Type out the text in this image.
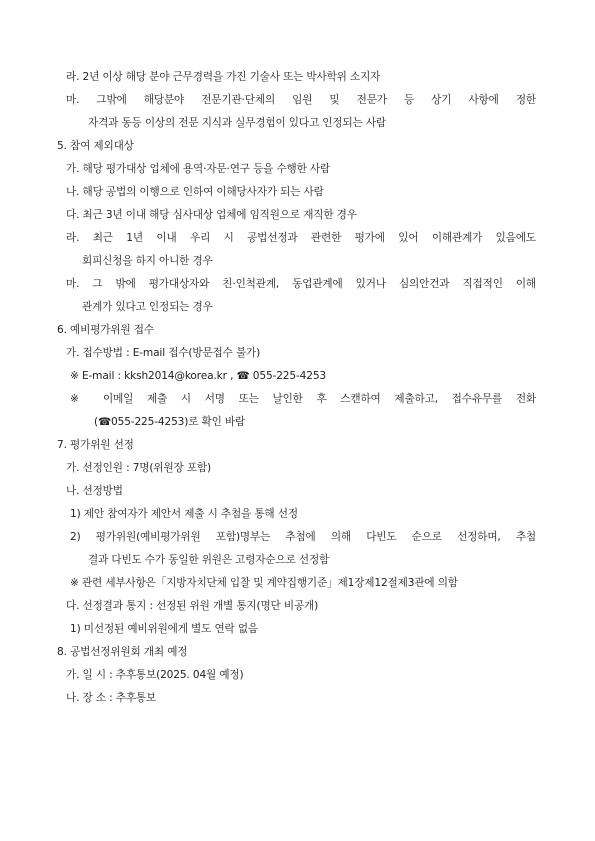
라. 2년 이상 해당 분야 근무경력을 가진 기술사 또는 박사학위 소지자
마. 그밖에 해당분야 전문기관·단체의 임원 및 전문가 등 상기 사항에 정한
자격과 동등 이상의 전문 지식과 실무경험이 있다고 인정되는 사람
5. 참여 제외대상
가. 해당 평가대상 업체에 용역·자문·연구 등을 수행한 사람
나. 해당 공법의 이행으로 인하여 이해당사자가 되는 사람
다. 최근 3년 이내 해당 심사대상 업체에 임직원으로 재직한 경우
라. 최근 1년 이내 우리 시 공법선정과 관련한 평가에 있어 이해관계가 있음에도
회피신청을 하지 아니한 경우
마. 그 밖에 평가대상자와 친·인척관계, 동업관계에 있거나 심의안건과 직접적인 이해
관계가 있다고 인정되는 경우
6. 예비평가위원 접수
가. 접수방법 : E-mail 접수(방문접수 불가)
※ E-mail : kksh2014@korea.kr , ☎ 055-225-4253
※ 이메일 제출 시 서명 또는 날인한 후 스캔하여 제출하고, 접수유무를 전화
(☎055-225-4253)로 확인 바람
7. 평가위원 선정
가. 선정인원 : 7명(위원장 포함)
나. 선정방법
1) 제안 참여자가 제안서 제출 시 추첨을 통해 선정
2) 평가위원(예비평가위원 포함)명부는 추첨에 의해 다빈도 순으로 선정하며, 추첨
결과 다빈도 수가 동일한 위원은 고령자순으로 선정함
※ 관련 세부사항은「지방자치단체 입찰 및 계약집행기준」제1장제12절제3관에 의함
다. 선정결과 통지 : 선정된 위원 개별 통지(명단 비공개)
1) 미선정된 예비위원에게 별도 연락 없음
8. 공법선정위원회 개최 예정
가. 일 시 : 추후통보(2025. 04월 예정)
나. 장 소 : 추후통보
